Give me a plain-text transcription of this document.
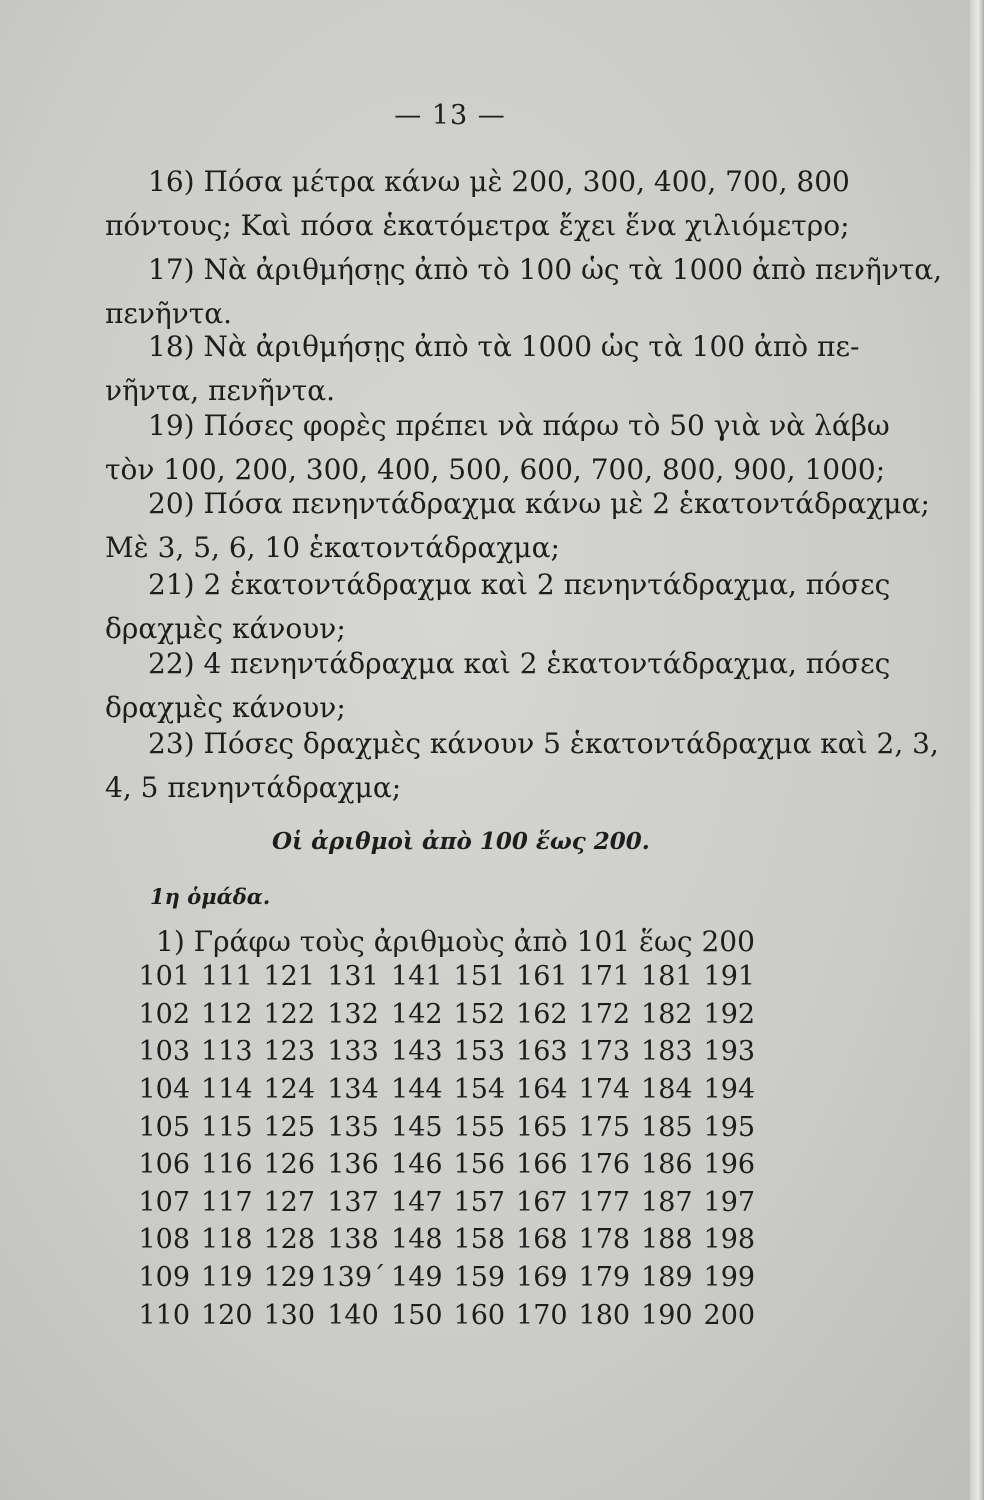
— 13 —
16) Πόσα μέτρα κάνω μὲ 200, 300, 400, 700, 800
πόντους; Καὶ πόσα ἑκατόμετρα ἔχει ἕνα χιλιόμετρο;
17) Νὰ ἀριθμήσῃς ἀπὸ τὸ 100 ὡς τὰ 1000 ἀπὸ πενῆντα,
πενῆντα.
18) Νὰ ἀριθμήσῃς ἀπὸ τὰ 1000 ὡς τὰ 100 ἀπὸ πε-
νῆντα, πενῆντα.
19) Πόσες φορὲς πρέπει νὰ πάρω τὸ 50 γιὰ νὰ λάβω
τὸν 100, 200, 300, 400, 500, 600, 700, 800, 900, 1000;
20) Πόσα πενηντάδραχμα κάνω μὲ 2 ἑκατοντάδραχμα;
Μὲ 3, 5, 6, 10 ἑκατοντάδραχμα;
21) 2 ἑκατοντάδραχμα καὶ 2 πενηντάδραχμα, πόσες
δραχμὲς κάνουν;
22) 4 πενηντάδραχμα καὶ 2 ἑκατοντάδραχμα, πόσες
δραχμὲς κάνουν;
23) Πόσες δραχμὲς κάνουν 5 ἑκατοντάδραχμα καὶ 2, 3,
4, 5 πενηντάδραχμα;
Οἱ ἀριθμοὶ ἀπὸ 100 ἕως 200.
1η ὁμάδα.
1) Γράφω τοὺς ἀριθμοὺς ἀπὸ 101 ἕως 200
101	111	121	131	141	151	161	171	181	191
102	112	122	132	142	152	162	172	182	192
103	113	123	133	143	153	163	173	183	193
104	114	124	134	144	154	164	174	184	194
105	115	125	135	145	155	165	175	185	195
106	116	126	136	146	156	166	176	186	196
107	117	127	137	147	157	167	177	187	197
108	118	128	138	148	158	168	178	188	198
109	119	129	139΄	149	159	169	179	189	199
110	120	130	140	150	160	170	180	190	200
